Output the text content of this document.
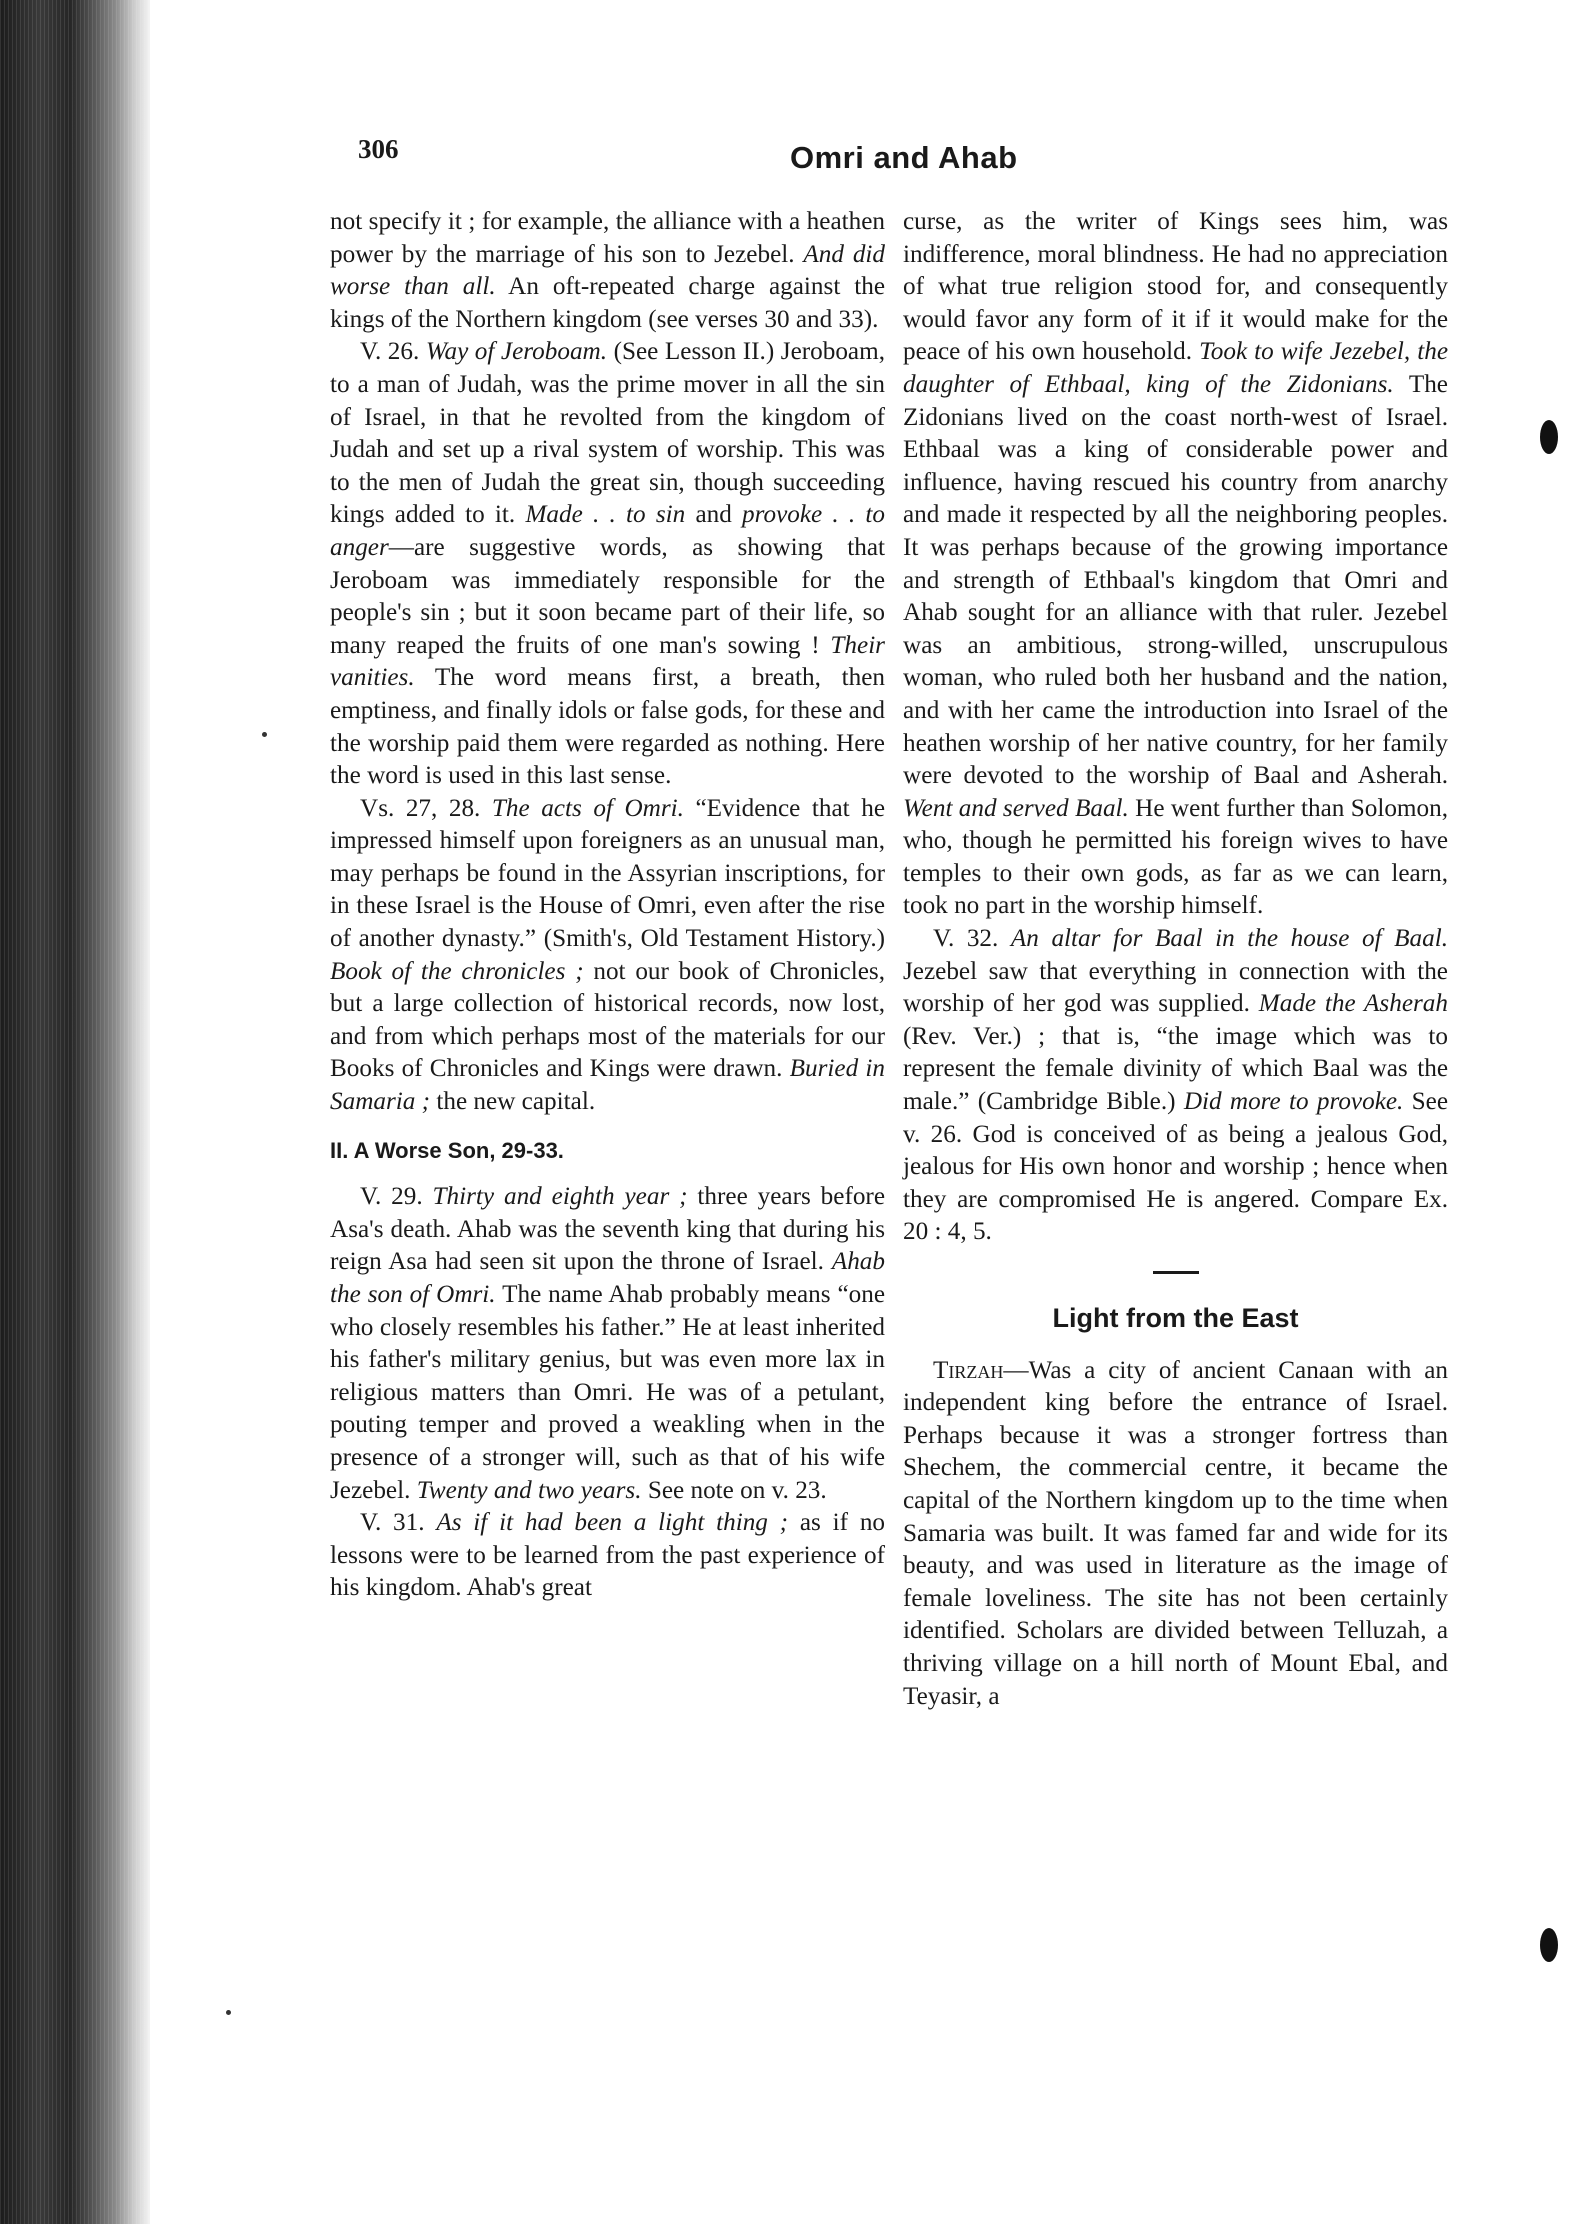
306	Omri and Ahab

not specify it ; for example, the alliance with a heathen power by the marriage of his son to Jezebel. And did worse than all. An oft-repeated charge against the kings of the Northern kingdom (see verses 30 and 33).

V. 26. Way of Jeroboam. (See Lesson II.) Jeroboam, to a man of Judah, was the prime mover in all the sin of Israel, in that he revolted from the kingdom of Judah and set up a rival system of worship. This was to the men of Judah the great sin, though succeeding kings added to it. Made . . to sin and provoke . . to anger—are suggestive words, as showing that Jeroboam was immediately responsible for the people's sin ; but it soon became part of their life, so many reaped the fruits of one man's sowing ! Their vanities. The word means first, a breath, then emptiness, and finally idols or false gods, for these and the worship paid them were regarded as nothing. Here the word is used in this last sense.

Vs. 27, 28. The acts of Omri. “Evidence that he impressed himself upon foreigners as an unusual man, may perhaps be found in the Assyrian inscriptions, for in these Israel is the House of Omri, even after the rise of another dynasty.” (Smith's, Old Testament History.) Book of the chronicles ; not our book of Chronicles, but a large collection of historical records, now lost, and from which perhaps most of the materials for our Books of Chronicles and Kings were drawn. Buried in Samaria ; the new capital.

II. A Worse Son, 29-33.

V. 29. Thirty and eighth year ; three years before Asa's death. Ahab was the seventh king that during his reign Asa had seen sit upon the throne of Israel. Ahab the son of Omri. The name Ahab probably means “one who closely resembles his father.” He at least inherited his father's military genius, but was even more lax in religious matters than Omri. He was of a petulant, pouting temper and proved a weakling when in the presence of a stronger will, such as that of his wife Jezebel. Twenty and two years. See note on v. 23.

V. 31. As if it had been a light thing ; as if no lessons were to be learned from the past experience of his kingdom. Ahab's great

curse, as the writer of Kings sees him, was indifference, moral blindness. He had no appreciation of what true religion stood for, and consequently would favor any form of it if it would make for the peace of his own household. Took to wife Jezebel, the daughter of Ethbaal, king of the Zidonians. The Zidonians lived on the coast north-west of Israel. Ethbaal was a king of considerable power and influence, having rescued his country from anarchy and made it respected by all the neighboring peoples. It was perhaps because of the growing importance and strength of Ethbaal's kingdom that Omri and Ahab sought for an alliance with that ruler. Jezebel was an ambitious, strong-willed, unscrupulous woman, who ruled both her husband and the nation, and with her came the introduction into Israel of the heathen worship of her native country, for her family were devoted to the worship of Baal and Asherah. Went and served Baal. He went further than Solomon, who, though he permitted his foreign wives to have temples to their own gods, as far as we can learn, took no part in the worship himself.

V. 32. An altar for Baal in the house of Baal. Jezebel saw that everything in connection with the worship of her god was supplied. Made the Asherah (Rev. Ver.) ; that is, “the image which was to represent the female divinity of which Baal was the male.” (Cambridge Bible.) Did more to provoke. See v. 26. God is conceived of as being a jealous God, jealous for His own honor and worship ; hence when they are compromised He is angered. Compare Ex. 20 : 4, 5.

Light from the East

Tirzah—Was a city of ancient Canaan with an independent king before the entrance of Israel. Perhaps because it was a stronger fortress than Shechem, the commercial centre, it became the capital of the Northern kingdom up to the time when Samaria was built. It was famed far and wide for its beauty, and was used in literature as the image of female loveliness. The site has not been certainly identified. Scholars are divided between Telluzah, a thriving village on a hill north of Mount Ebal, and Teyasir, a
